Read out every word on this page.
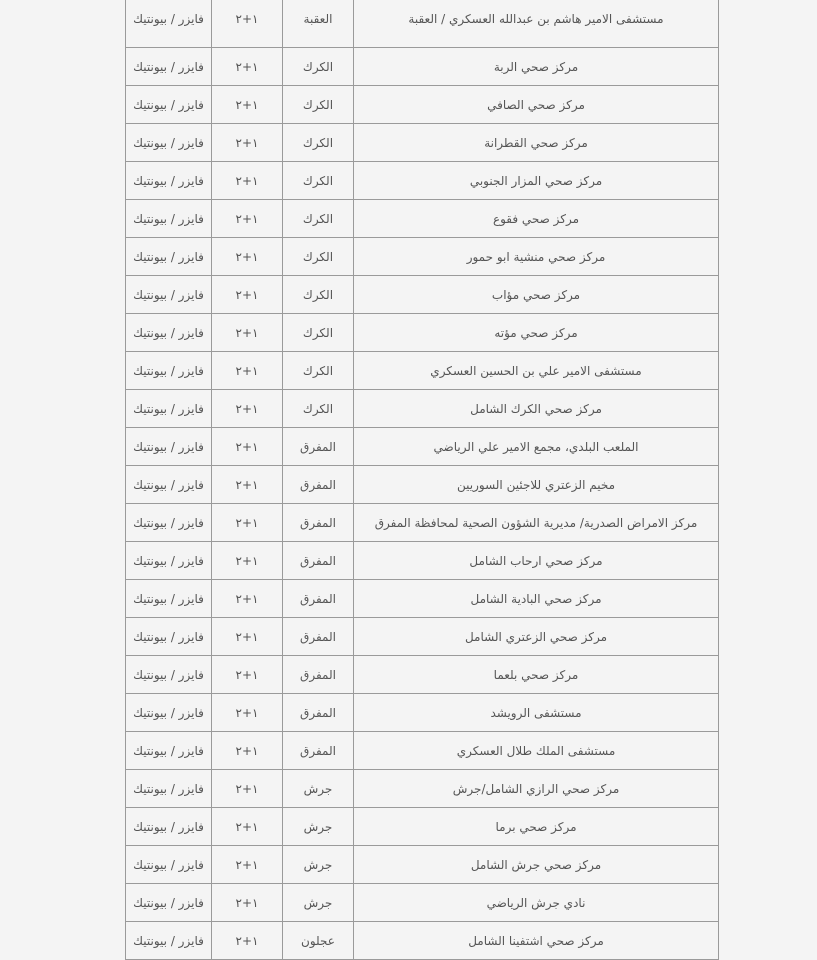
مستشفى الامير هاشم بن عبدالله العسكري / العقبة	العقبة	١+٢	فايزر / بيونتيك
مركز صحي الربة	الكرك	١+٢	فايزر / بيونتيك
مركز صحي الصافي	الكرك	١+٢	فايزر / بيونتيك
مركز صحي القطرانة	الكرك	١+٢	فايزر / بيونتيك
مركز صحي المزار الجنوبي	الكرك	١+٢	فايزر / بيونتيك
مركز صحي فقوع	الكرك	١+٢	فايزر / بيونتيك
مركز صحي منشية ابو حمور	الكرك	١+٢	فايزر / بيونتيك
مركز صحي مؤاب	الكرك	١+٢	فايزر / بيونتيك
مركز صحي مؤته	الكرك	١+٢	فايزر / بيونتيك
مستشفى الامير علي بن الحسين العسكري	الكرك	١+٢	فايزر / بيونتيك
مركز صحي الكرك الشامل	الكرك	١+٢	فايزر / بيونتيك
الملعب البلدي، مجمع الامير علي الرياضي	المفرق	١+٢	فايزر / بيونتيك
مخيم الزعتري للاجئين السوريين	المفرق	١+٢	فايزر / بيونتيك
مركز الامراض الصدرية/ مديرية الشؤون الصحية لمحافظة المفرق	المفرق	١+٢	فايزر / بيونتيك
مركز صحي ارحاب الشامل	المفرق	١+٢	فايزر / بيونتيك
مركز صحي البادية الشامل	المفرق	١+٢	فايزر / بيونتيك
مركز صحي الزعتري الشامل	المفرق	١+٢	فايزر / بيونتيك
مركز صحي بلعما	المفرق	١+٢	فايزر / بيونتيك
مستشفى الرويشد	المفرق	١+٢	فايزر / بيونتيك
مستشفى الملك طلال العسكري	المفرق	١+٢	فايزر / بيونتيك
مركز صحي الرازي الشامل/جرش	جرش	١+٢	فايزر / بيونتيك
مركز صحي برما	جرش	١+٢	فايزر / بيونتيك
مركز صحي جرش الشامل	جرش	١+٢	فايزر / بيونتيك
نادي جرش الرياضي	جرش	١+٢	فايزر / بيونتيك
مركز صحي اشتفينا الشامل	عجلون	١+٢	فايزر / بيونتيك
